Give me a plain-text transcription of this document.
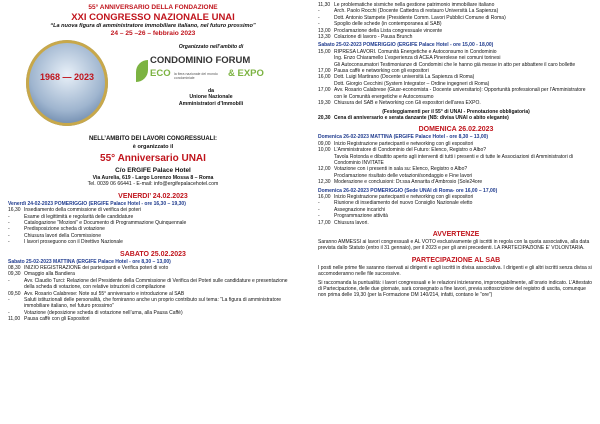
55° ANNIVERSARIO DELLA FONDAZIONE
XXI CONGRESSO NAZIONALE UNAI
“La nuova figura di amministratore immobiliare italiano, nel futuro prossimo”
24 – 25 –26 – febbraio 2023
1968 — 2023
Organizzato nell’ambito di
CONDOMINIO FORUM
ECO la fiera nazionale del mondo condominiale	& EXPO
da
Unione Nazionale
Amministratori d’Immobili
NELL’AMBITO DEI LAVORI CONGRESSUALI:
è organizzato il
55° Anniversario UNAI
C/o ERGIFE Palace Hotel
Via Aurelia, 619 - Largo Lorenzo Mossa 8 – Roma
Tel. 0039 06 66441 - E-mail: info@ergifepalacehotel.com
VENERDI’ 24.02.2023
Venerdì 24-02-2023 POMERIGGIO (ERGIFE Palace Hotel - ore 16,30 – 19,30)
16,30 Insediamento della commissione di verifica dei poteri
-	Esame di legittimità e regolarità delle candidature
-	Catalogazione “Mozioni” e Documento di Programmazione Quinquennale
-	Predisposizione scheda di votazione
-	Chiusura lavori della Commissione
-	I lavori proseguono con il Direttivo Nazionale
SABATO 25.02.2023
Sabato 25-02-2023 MATTINA (ERGIFE Palace Hotel - ore 8,30 – 13,00)
08,30 INIZIO REGISTRAZIONE dei partecipanti e Verifica poteri di voto
09,30 Omaggio alla Bandiera
-	Avv. Claudio Turci: Relazione del Presidente della Commissione di Verifica dei Poteri sulle candidature e presentazione della scheda di votazione, con relative istruzioni di compilazione
09,50 Avv. Rosario Calabrese: Note sul 55° anniversario e introduzione al SAB
-	Saluti istituzionali delle personalità, che forniranno anche un proprio contributo sul tema: “La figura di amministratore immobiliare italiano, nel futuro prossimo”
-	Votazione (deposizione scheda di votazione nell’urna, alla Pausa Caffè)
11,00 Pausa caffè con gli Espositori
11,30 Le problematiche sismiche nella gestione patrimonio immobiliare italiano
-	Arch. Paolo Rocchi (Docente Cattedra di restauro Università La Sapienza)
-	Dott. Antonio Stampete (Presidente Comm. Lavori Pubblici Comune di Roma)
-	Spoglio delle schede (in contemporanea al SAB)
13,00 Proclamazione della Lista congressuale vincente
13,30 Colazione di lavoro - Pausa Brunch
Sabato 25-02-2023 POMERIGGIO (ERGIFE Palace Hotel - ore 15,00 - 18,00)
15,00 RIPRESA LAVORI. Comunità Energetiche e Autoconsumo in Condominio
Ing. Enzo Chiaramello L’esperienza di ACEA Pinerolese nei comuni torinesi
Gli Autoconsumatori Testimonianze di Condomini che le hanno già messe in atto per abbattere il caro bollette
17,00 Pausa caffè e networking con gli espositori
16,00 Dott. Luigi Martirano (Docente università La Sapienza di Roma)
Dott. Giorgio Cecchini (System Integrator – Ordine ingegneri di Roma)
17,00 Avv. Rosario Calabrese (Giusr-economista - Docente universitario): Opportunità professionali per l’Amministratore con le Comunità energetiche e Autoconsumo
19,30 Chiusura del SAB e Networking con Gli espositori dell’area EXPO.
(Festeggiamenti per il 55° di UNAI - Prenotazione obbligatoria)
20,30 Cena di anniversario e serata danzante (NB: divisa UNAI o abito elegante)
DOMENICA 26.02.2023
Domenica 26-02-2023 MATTINA (ERGIFE Palace Hotel - ore 8,30 – 13,00)
09,00 Inizio Registrazione partecipanti e networking con gli espositori
10,00 L’Amministratore di Condominio del Futuro: Elenco, Registro o Albo?
Tavola Rotonda e dibattito aperto agli interventi di tutti i presenti e di tutte le Associazioni di Amministratori di Condominio INVITATE
12,00 Votazione con i presenti in sala su: Elenco, Registro o Albo?
Proclamazione risultato delle votazioni/sondaggio e Fine lavori
12,30 Moderazione e conclusioni: Dr.ssa Annarita d’Ambrosio (Sole24ore
Domenica 26-02-2023 POMERIGGIO (Sede UNAI di Roma- ore 16,00 – 17,00)
16,00 Inizio Registrazione partecipanti e networking con gli espositori
-	Riunione di insediamento del nuovo Consiglio Nazionale eletto
-	Assegnazione incarichi
-	Programmazione attività
17,00 Chiusura lavori.
AVVERTENZE
Saranno AMMESSI ai lavori congressuali e AL VOTO esclusivamente gli iscritti in regola con la quota associativa, alla data prevista dallo Statuto (entro il 31 gennaio), per il 2023 e per gli anni precedenti. LA PARTECIPAZIONE E’ VOLONTARIA.
PARTECIPAZIONE AL SAB
I posti nelle prime file saranno riservati ai dirigenti e agli iscritti in divisa associativa. I dirigenti e gli altri iscritti senza divisa si accomoderanno nelle file successive.
Si raccomanda la puntualità: i lavori congressuali e le relazioni inizieranno, improrogabilmente, all’orario indicato. L’Attestato di Partecipazione, delle due giornate, sarà consegnato a fine lavori, previa sottoscrizione del registro di uscita, comunque non prima delle 19,30 (per la Formazione DM 140/214, infatti, contano le “ore”)
